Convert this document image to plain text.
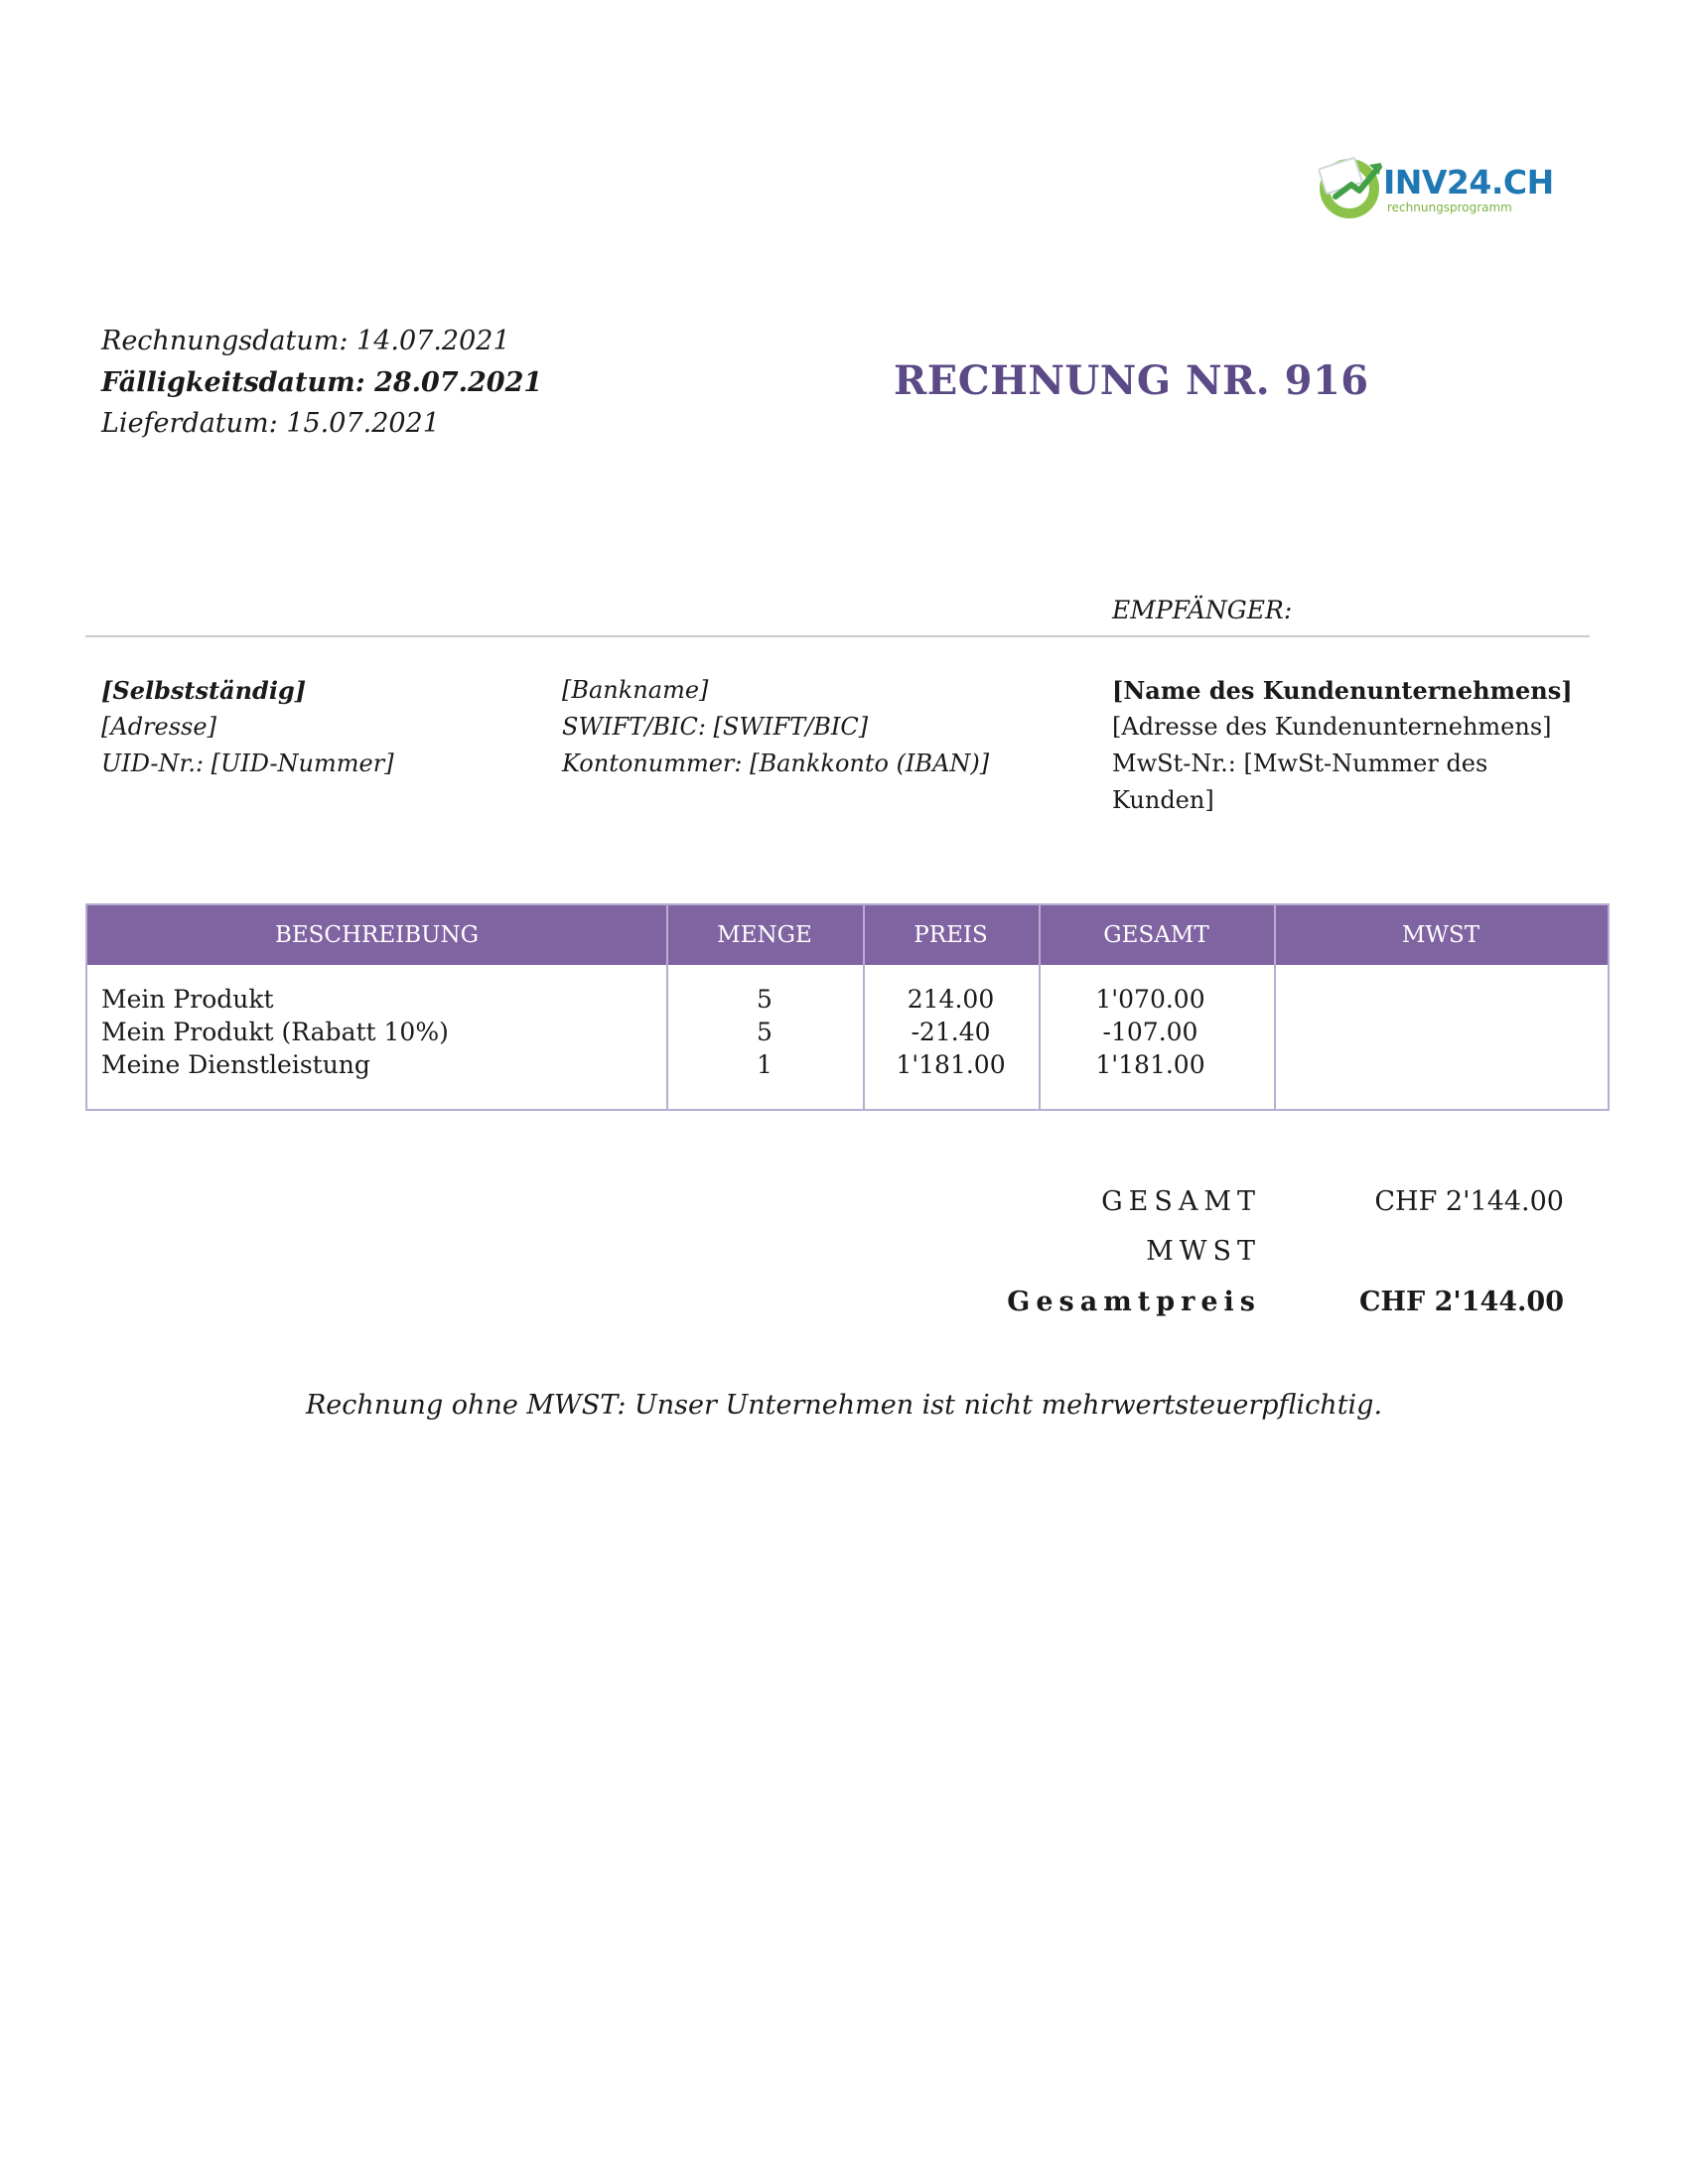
INV24.CH
rechnungsprogramm
Rechnungsdatum: 14.07.2021
Fälligkeitsdatum: 28.07.2021
Lieferdatum: 15.07.2021
RECHNUNG NR. 916
EMPFÄNGER:
[Selbstständig]
[Adresse]
UID-Nr.: [UID-Nummer]
[Bankname]
SWIFT/BIC: [SWIFT/BIC]
Kontonummer: [Bankkonto (IBAN)]
[Name des Kundenunternehmens]
[Adresse des Kundenunternehmens]
MwSt-Nr.: [MwSt-Nummer des
Kunden]
BESCHREIBUNG	MENGE	PREIS	GESAMT	MWST
Mein Produkt	5	214.00	1'070.00
Mein Produkt (Rabatt 10%)	5	-21.40	-107.00
Meine Dienstleistung	1	1'181.00	1'181.00
GESAMT	CHF 2'144.00
MWST
Gesamtpreis	CHF 2'144.00
Rechnung ohne MWST: Unser Unternehmen ist nicht mehrwertsteuerpflichtig.
